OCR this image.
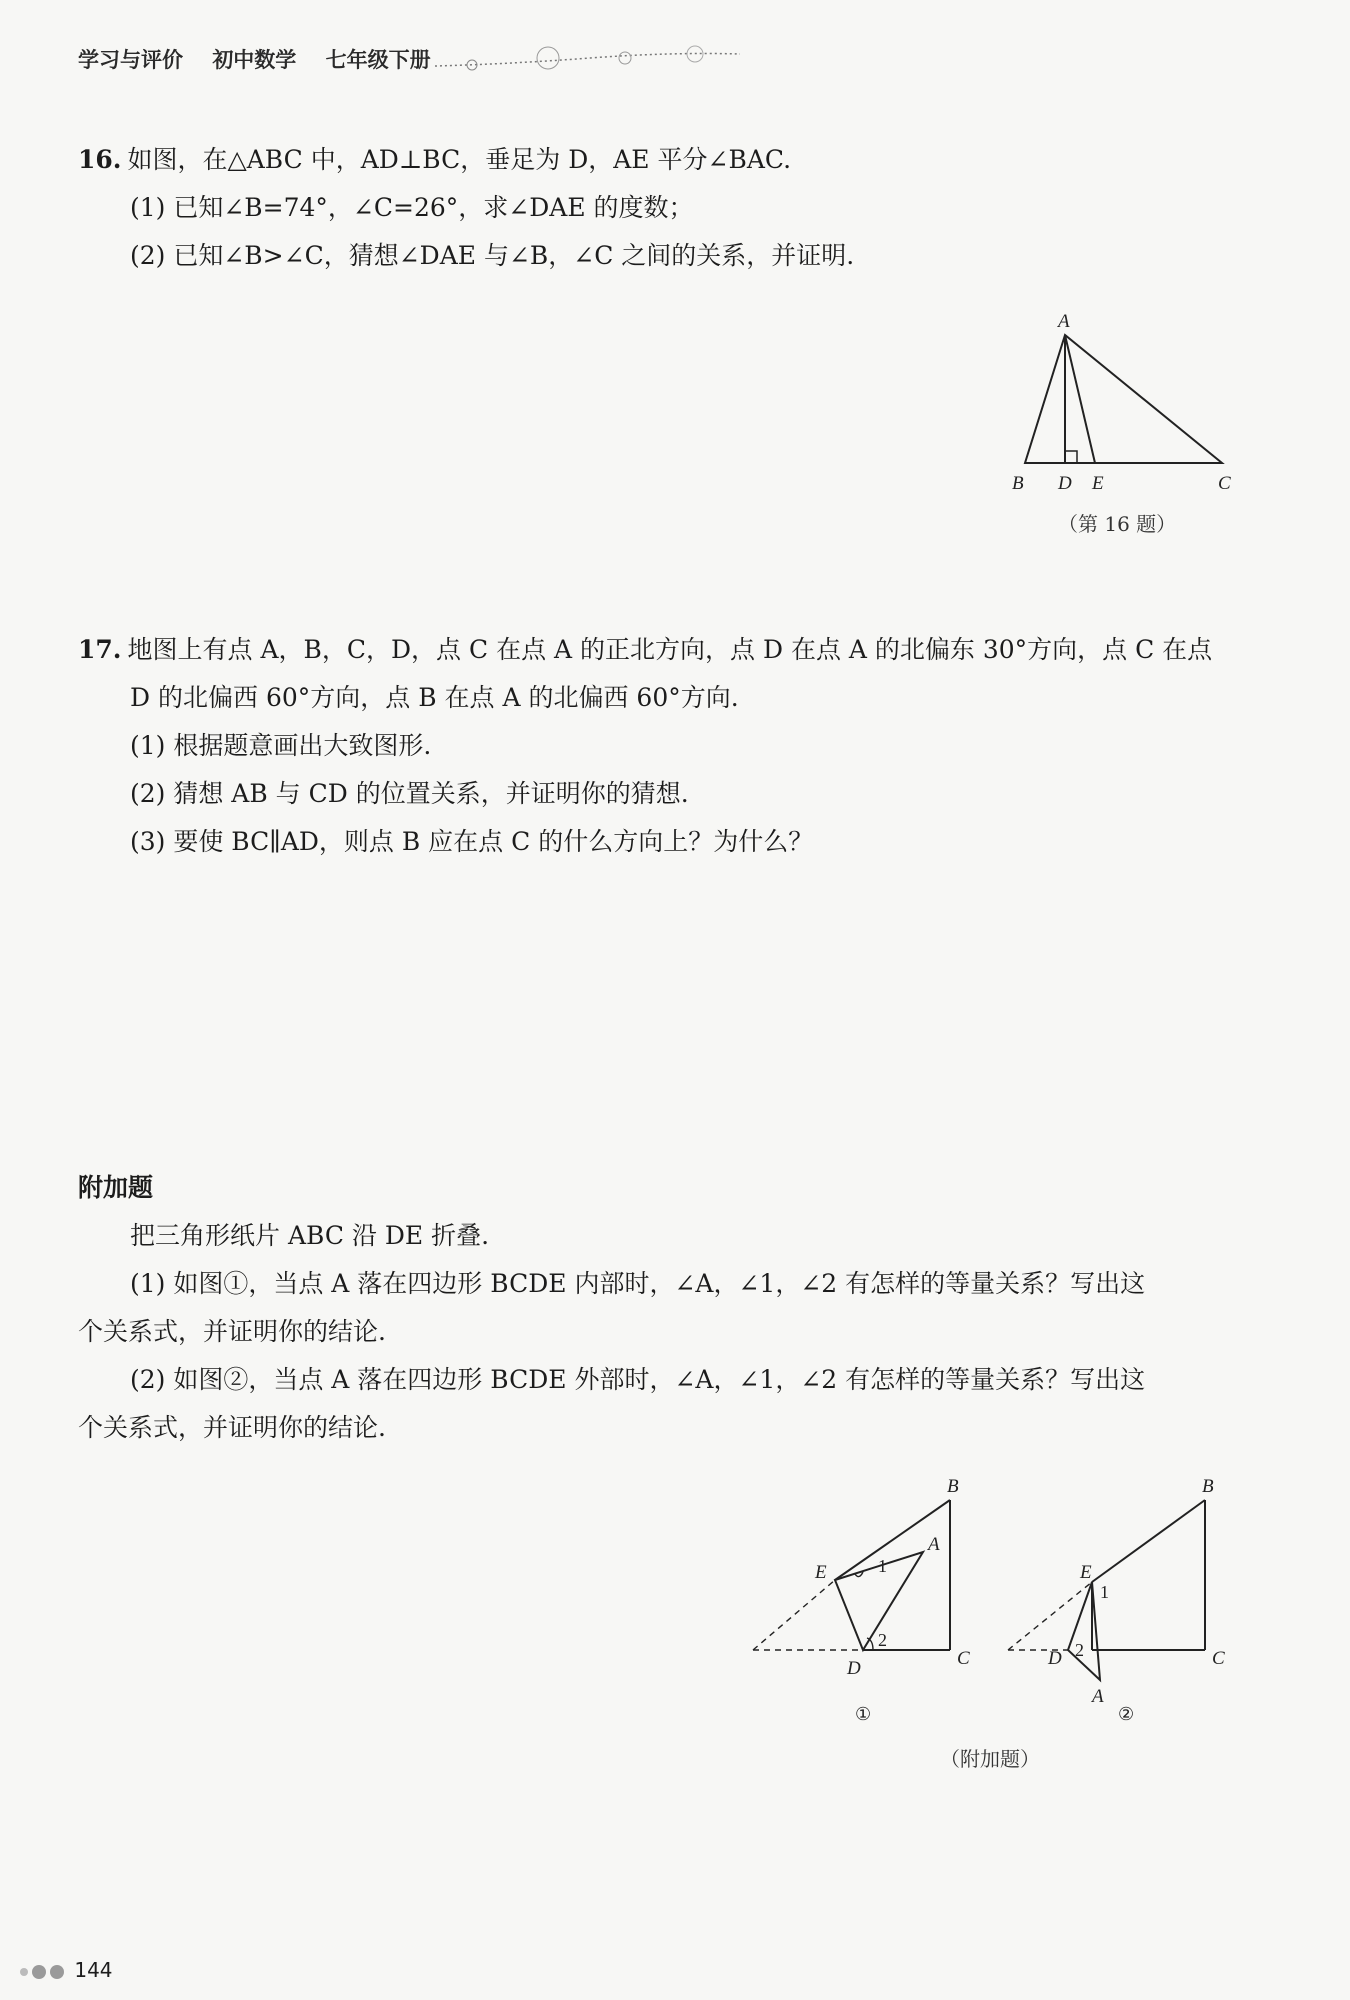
学习与评价 初中数学 七年级下册
16. 如图，在△ABC 中，AD⊥BC，垂足为 D，AE 平分∠BAC.
(1) 已知∠B=74°，∠C=26°，求∠DAE 的度数；
(2) 已知∠B>∠C，猜想∠DAE 与∠B，∠C 之间的关系，并证明.
A
B D E	C
（第 16 题）
17. 地图上有点 A，B，C，D，点 C 在点 A 的正北方向，点 D 在点 A 的北偏东 30°方向，点 C 在点
D 的北偏西 60°方向，点 B 在点 A 的北偏西 60°方向.
(1) 根据题意画出大致图形.
(2) 猜想 AB 与 CD 的位置关系，并证明你的猜想.
(3) 要使 BC∥AD，则点 B 应在点 C 的什么方向上？为什么？
附加题
把三角形纸片 ABC 沿 DE 折叠.
(1) 如图①，当点 A 落在四边形 BCDE 内部时，∠A，∠1，∠2 有怎样的等量关系？写出这
个关系式，并证明你的结论.
(2) 如图②，当点 A 落在四边形 BCDE 外部时，∠A，∠1，∠2 有怎样的等量关系？写出这
个关系式，并证明你的结论.
B
A
E
D	C
1
2
①
B
E
D	C
A
1
2
②
（附加题）
144
